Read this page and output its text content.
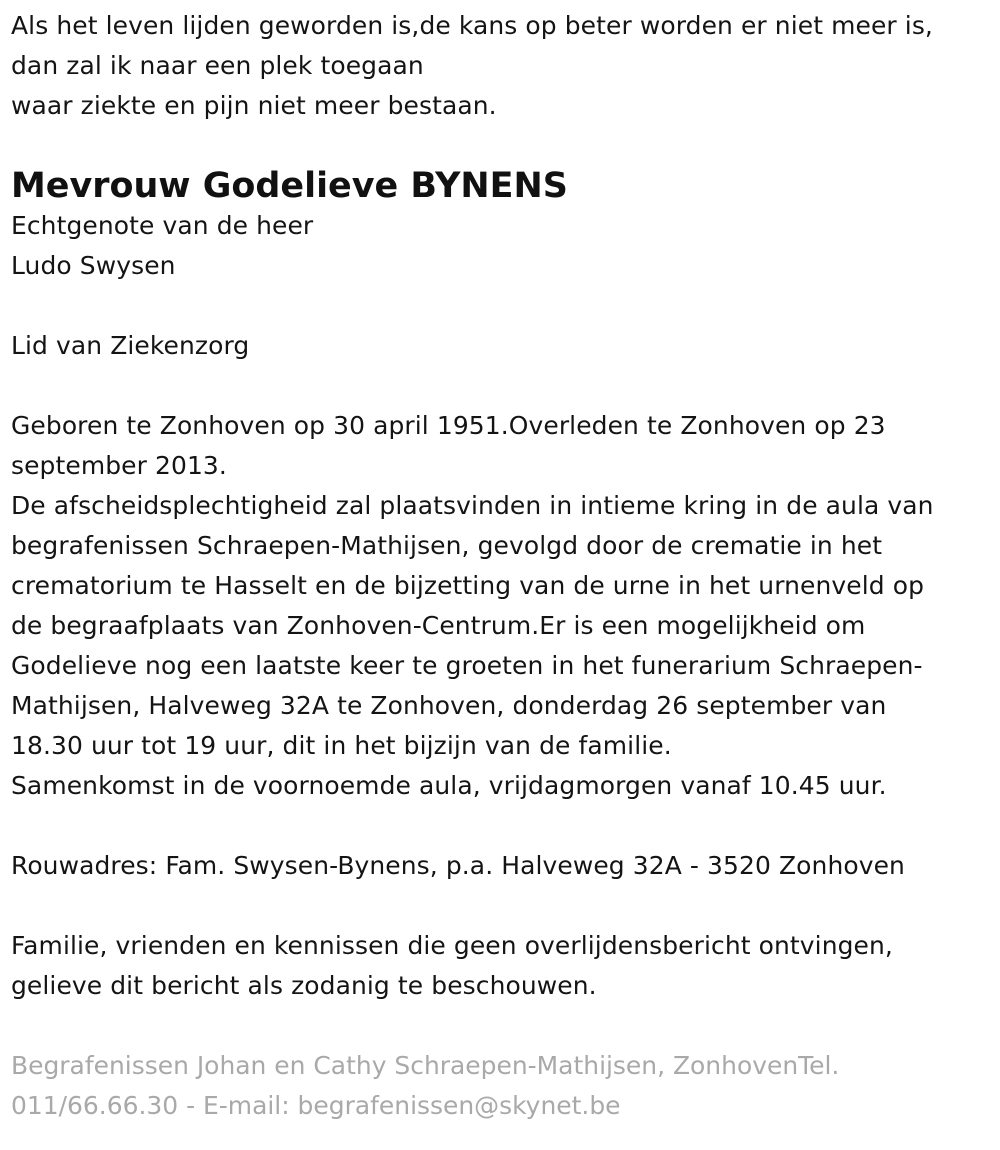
Als het leven lijden geworden is,de kans op beter worden er niet meer is,
dan zal ik naar een plek toegaan
waar ziekte en pijn niet meer bestaan.
Mevrouw Godelieve BYNENS
Echtgenote van de heer
Ludo Swysen
Lid van Ziekenzorg
Geboren te Zonhoven op 30 april 1951.Overleden te Zonhoven op 23
september 2013.
De afscheidsplechtigheid zal plaatsvinden in intieme kring in de aula van
begrafenissen Schraepen-Mathijsen, gevolgd door de crematie in het
crematorium te Hasselt en de bijzetting van de urne in het urnenveld op
de begraafplaats van Zonhoven-Centrum.Er is een mogelijkheid om
Godelieve nog een laatste keer te groeten in het funerarium Schraepen-
Mathijsen, Halveweg 32A te Zonhoven, donderdag 26 september van
18.30 uur tot 19 uur, dit in het bijzijn van de familie.
Samenkomst in de voornoemde aula, vrijdagmorgen vanaf 10.45 uur.
Rouwadres: Fam. Swysen-Bynens, p.a. Halveweg 32A - 3520 Zonhoven
Familie, vrienden en kennissen die geen overlijdensbericht ontvingen,
gelieve dit bericht als zodanig te beschouwen.
Begrafenissen Johan en Cathy Schraepen-Mathijsen, ZonhovenTel.
011/66.66.30 - E-mail: begrafenissen@skynet.be
